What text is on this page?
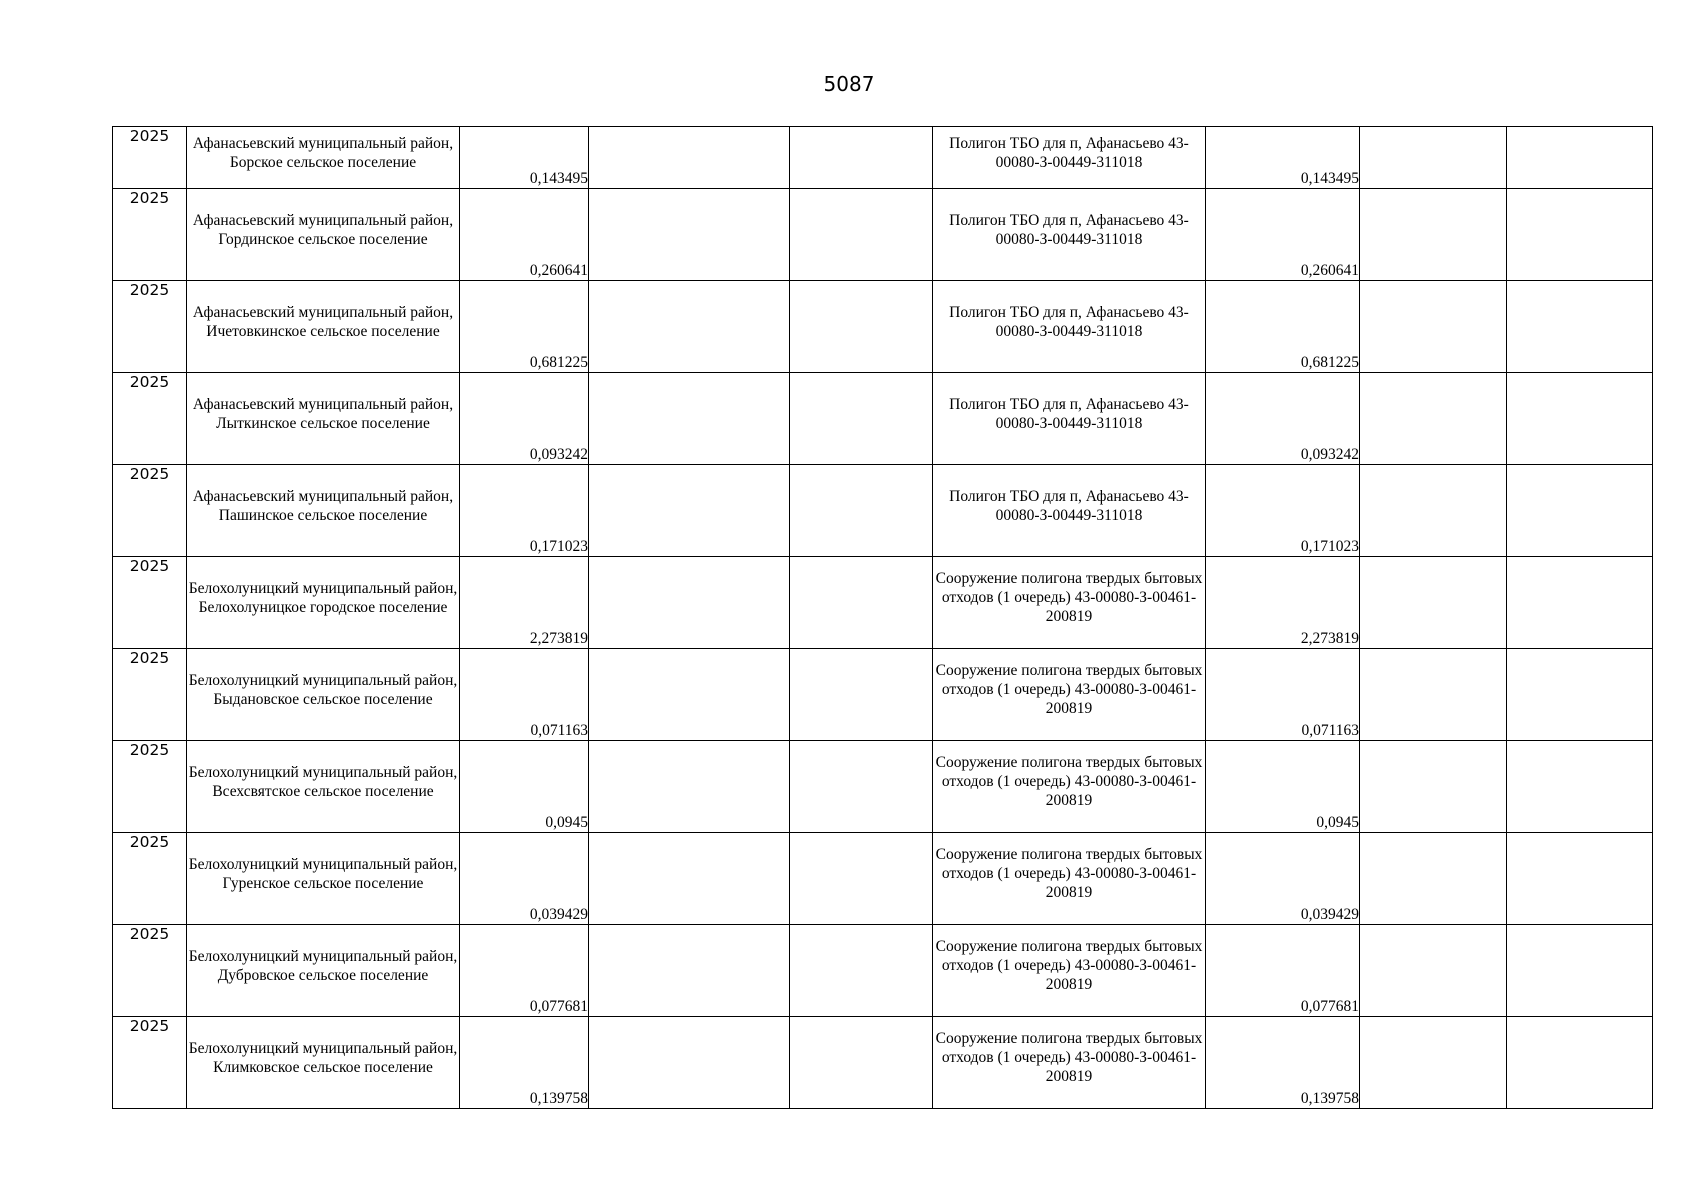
5087
2025	Афанасьевский муниципальный район, Борское сельское поселение	0,143495			Полигон ТБО для п, Афанасьево 43-00080-З-00449-311018	0,143495		

2025	Афанасьевский муниципальный район, Гординское сельское поселение	0,260641			Полигон ТБО для п, Афанасьево 43-00080-З-00449-311018	0,260641		

2025	Афанасьевский муниципальный район, Ичетовкинское сельское поселение	0,681225			Полигон ТБО для п, Афанасьево 43-00080-З-00449-311018	0,681225		

2025	Афанасьевский муниципальный район, Лыткинское сельское поселение	0,093242			Полигон ТБО для п, Афанасьево 43-00080-З-00449-311018	0,093242		

2025	Афанасьевский муниципальный район, Пашинское сельское поселение	0,171023			Полигон ТБО для п, Афанасьево 43-00080-З-00449-311018	0,171023		

2025	Белохолуницкий муниципальный район, Белохолуницкое городское поселение	2,273819			Сооружение полигона твердых бытовых отходов (1 очередь) 43-00080-З-00461-200819	2,273819		

2025	Белохолуницкий муниципальный район, Быдановское сельское поселение	0,071163			Сооружение полигона твердых бытовых отходов (1 очередь) 43-00080-З-00461-200819	0,071163		

2025	Белохолуницкий муниципальный район, Всехсвятское сельское поселение	0,0945			Сооружение полигона твердых бытовых отходов (1 очередь) 43-00080-З-00461-200819	0,0945		

2025	Белохолуницкий муниципальный район, Гуренское сельское поселение	0,039429			Сооружение полигона твердых бытовых отходов (1 очередь) 43-00080-З-00461-200819	0,039429		

2025	Белохолуницкий муниципальный район, Дубровское сельское поселение	0,077681			Сооружение полигона твердых бытовых отходов (1 очередь) 43-00080-З-00461-200819	0,077681		

2025	Белохолуницкий муниципальный район, Климковское сельское поселение	0,139758			Сооружение полигона твердых бытовых отходов (1 очередь) 43-00080-З-00461-200819	0,139758		
